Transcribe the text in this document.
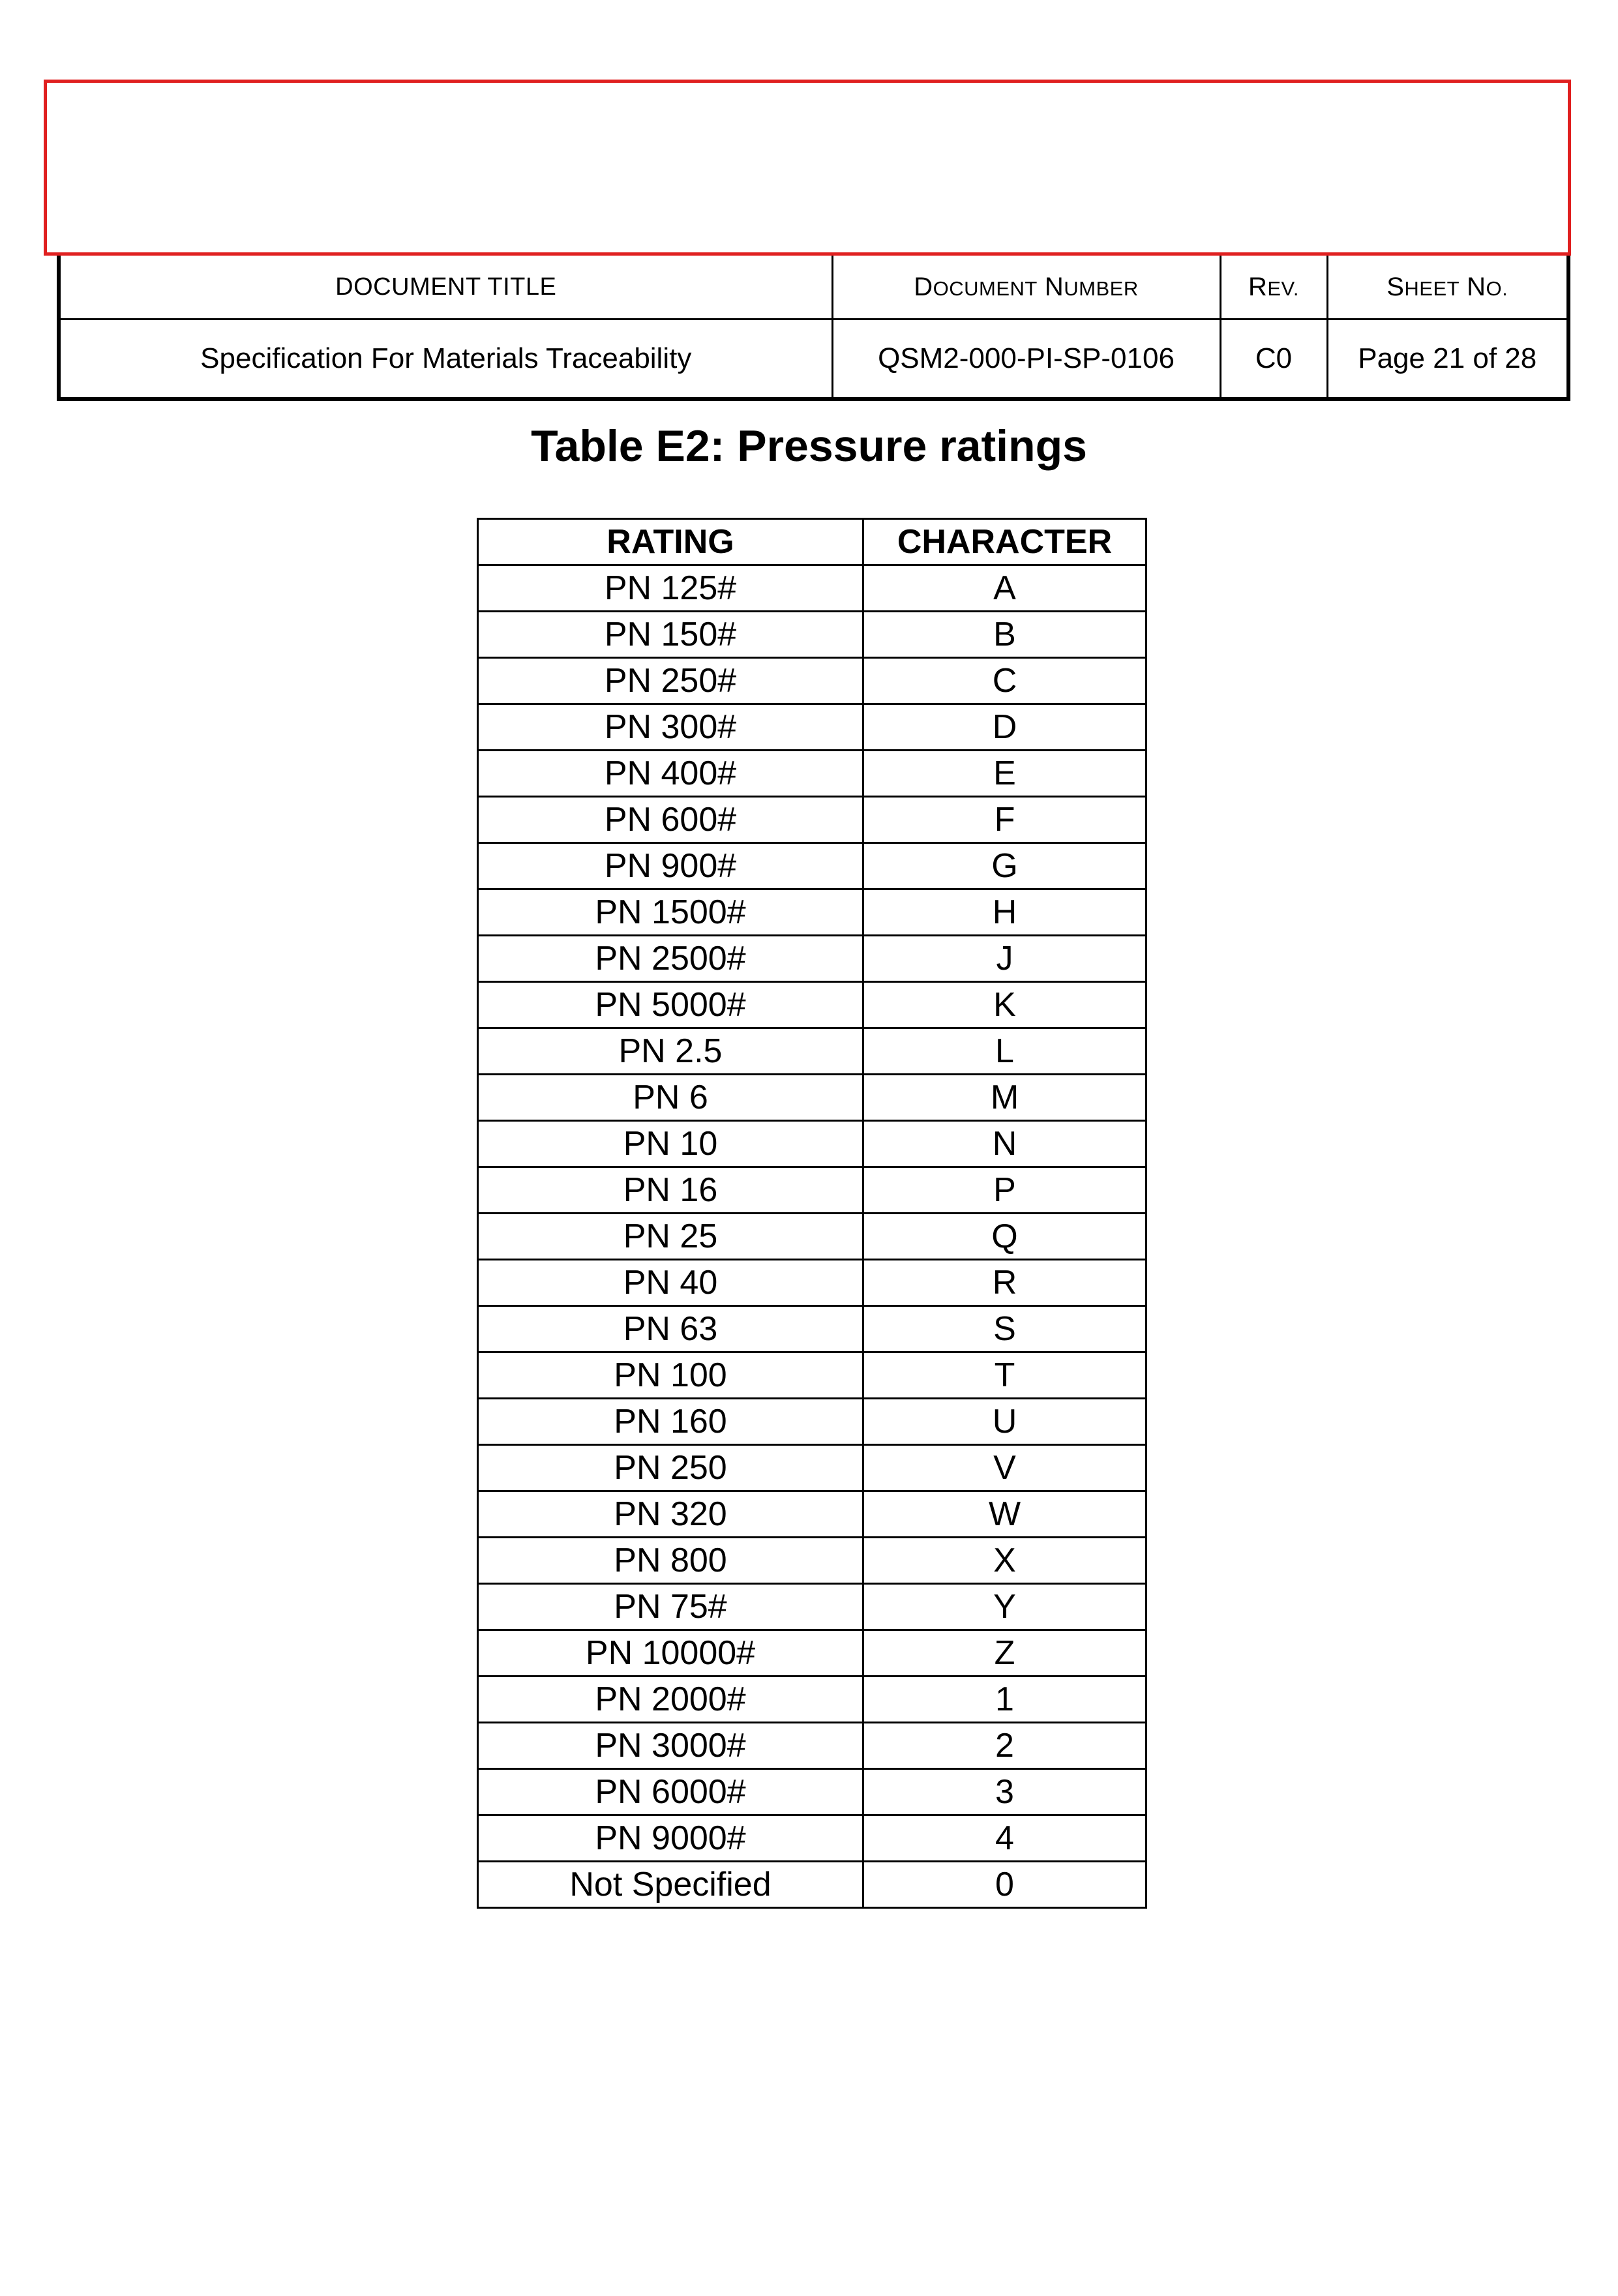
DOCUMENT TITLE	DOCUMENT NUMBER	REV.	SHEET NO.
Specification For Materials Traceability	QSM2-000-PI-SP-0106	C0	Page 21 of 28
Table E2: Pressure ratings
RATING	CHARACTER
PN 125#	A
PN 150#	B
PN 250#	C
PN 300#	D
PN 400#	E
PN 600#	F
PN 900#	G
PN 1500#	H
PN 2500#	J
PN 5000#	K
PN 2.5	L
PN 6	M
PN 10	N
PN 16	P
PN 25	Q
PN 40	R
PN 63	S
PN 100	T
PN 160	U
PN 250	V
PN 320	W
PN 800	X
PN 75#	Y
PN 10000#	Z
PN 2000#	1
PN 3000#	2
PN 6000#	3
PN 9000#	4
Not Specified	0
